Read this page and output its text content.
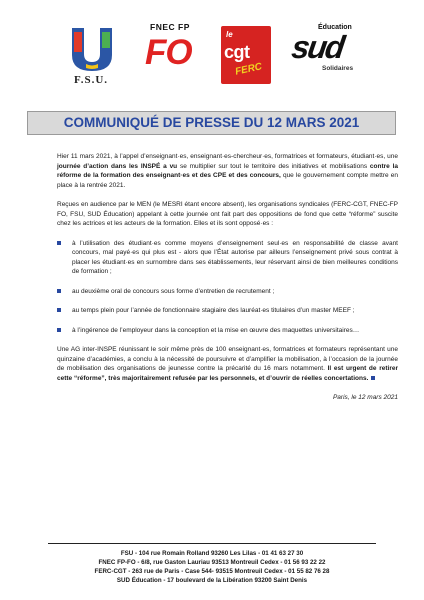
F.S.U.
FNEC FP
FO	le
cgt
FERC
Éducation
sud
Solidaires
COMMUNIQUÉ DE PRESSE DU 12 MARS 2021

Hier 11 mars 2021, à l’appel d’enseignant·es, enseignant·es-chercheur·es, formatrices et formateurs, étudiant·es, une journée d’action dans les INSPÉ a vu se multiplier sur tout le territoire des initiatives et mobilisations contre la réforme de la formation des enseignant·es et des CPE et des concours, que le gouvernement compte mettre en place à la rentrée 2021.

Reçues en audience par le MEN (le MESRI étant encore absent), les organisations syndicales (FERC-CGT, FNEC-FP FO, FSU, SUD Éducation) appelant à cette journée ont fait part des oppositions de fond que cette “réforme” suscite chez les actrices et les acteurs de la formation. Elles et ils sont opposé·es :

à l’utilisation des étudiant·es comme moyens d’enseignement seul·es en responsabilité de classe avant concours, mal payé·es qui plus est - alors que l’État autorise par ailleurs l’enseignement privé sous contrat à placer les étudiant·es en surnombre dans ses établissements, leur réservant ainsi de bien meilleures conditions de formation ;
au deuxième oral de concours sous forme d’entretien de recrutement ;
au temps plein pour l’année de fonctionnaire stagiaire des lauréat·es titulaires d’un master MEEF ;
à l’ingérence de l’employeur dans la conception et la mise en œuvre des maquettes universitaires…

Une AG inter-INSPE réunissant le soir même près de 100 enseignant·es, formatrices et formateurs représentant une quinzaine d’académies, a conclu à la nécessité de poursuivre et d’amplifier la mobilisation, à l’occasion de la journée de mobilisation des organisations de jeunesse contre la précarité du 16 mars notamment. Il est urgent de retirer cette “réforme”, très majoritairement refusée par les personnels, et d’ouvrir de réelles concertations.

Paris, le 12 mars 2021
FSU - 104 rue Romain Rolland 93260 Les Lilas - 01 41 63 27 30
FNEC FP-FO - 6/8, rue Gaston Lauriau 93513 Montreuil Cedex - 01 56 93 22 22
FERC-CGT - 263 rue de Paris - Case 544- 93515 Montreuil Cedex - 01 55 82 76 28
SUD Éducation - 17 boulevard de la Libération 93200 Saint Denis
